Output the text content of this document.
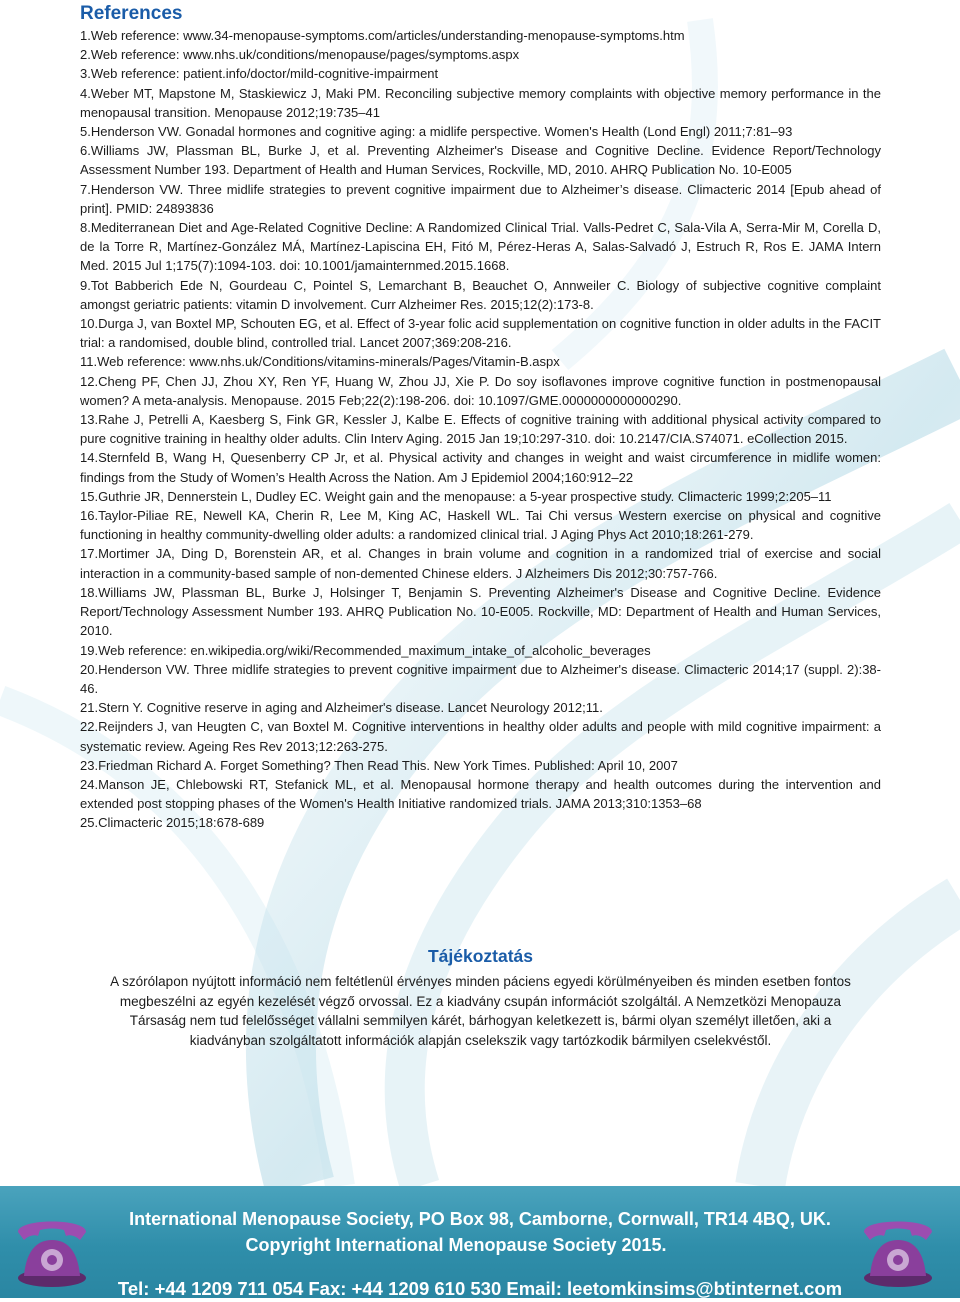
References
1.Web reference: www.34-menopause-symptoms.com/articles/understanding-menopause-symptoms.htm
2.Web reference: www.nhs.uk/conditions/menopause/pages/symptoms.aspx
3.Web reference: patient.info/doctor/mild-cognitive-impairment
4.Weber MT, Mapstone M, Staskiewicz J, Maki PM. Reconciling subjective memory complaints with objective memory performance in the menopausal transition. Menopause 2012;19:735–41
5.Henderson VW. Gonadal hormones and cognitive aging: a midlife perspective. Women's Health (Lond Engl) 2011;7:81–93
6.Williams JW, Plassman BL, Burke J, et al. Preventing Alzheimer's Disease and Cognitive Decline. Evidence Report/Technology Assessment Number 193. Department of Health and Human Services, Rockville, MD, 2010. AHRQ Publication No. 10-E005
7.Henderson VW. Three midlife strategies to prevent cognitive impairment due to Alzheimer’s disease. Climacteric 2014 [Epub ahead of print]. PMID: 24893836
8.Mediterranean Diet and Age-Related Cognitive Decline: A Randomized Clinical Trial. Valls-Pedret C, Sala-Vila A, Serra-Mir M, Corella D, de la Torre R, Martínez-González MÁ, Martínez-Lapiscina EH, Fitó M, Pérez-Heras A, Salas-Salvadó J, Estruch R, Ros E. JAMA Intern Med. 2015 Jul 1;175(7):1094-103. doi: 10.1001/jamainternmed.2015.1668.
9.Tot Babberich Ede N, Gourdeau C, Pointel S, Lemarchant B, Beauchet O, Annweiler C. Biology of subjective cognitive complaint amongst geriatric patients: vitamin D involvement. Curr Alzheimer Res. 2015;12(2):173-8.
10.Durga J, van Boxtel MP, Schouten EG, et al. Effect of 3-year folic acid supplementation on cognitive function in older adults in the FACIT trial: a randomised, double blind, controlled trial. Lancet 2007;369:208-216.
11.Web reference: www.nhs.uk/Conditions/vitamins-minerals/Pages/Vitamin-B.aspx
12.Cheng PF, Chen JJ, Zhou XY, Ren YF, Huang W, Zhou JJ, Xie P. Do soy isoflavones improve cognitive function in postmenopausal women? A meta-analysis. Menopause. 2015 Feb;22(2):198-206. doi: 10.1097/GME.0000000000000290.
13.Rahe J, Petrelli A, Kaesberg S, Fink GR, Kessler J, Kalbe E. Effects of cognitive training with additional physical activity compared to pure cognitive training in healthy older adults. Clin Interv Aging. 2015 Jan 19;10:297-310. doi: 10.2147/CIA.S74071. eCollection 2015.
14.Sternfeld B, Wang H, Quesenberry CP Jr, et al. Physical activity and changes in weight and waist circumference in midlife women: findings from the Study of Women’s Health Across the Nation. Am J Epidemiol 2004;160:912–22
15.Guthrie JR, Dennerstein L, Dudley EC. Weight gain and the menopause: a 5-year prospective study. Climacteric 1999;2:205–11
16.Taylor-Piliae RE, Newell KA, Cherin R, Lee M, King AC, Haskell WL. Tai Chi versus Western exercise on physical and cognitive functioning in healthy community-dwelling older adults: a randomized clinical trial. J Aging Phys Act 2010;18:261-279.
17.Mortimer JA, Ding D, Borenstein AR, et al. Changes in brain volume and cognition in a randomized trial of exercise and social interaction in a community-based sample of non-demented Chinese elders. J Alzheimers Dis 2012;30:757-766.
18.Williams JW, Plassman BL, Burke J, Holsinger T, Benjamin S. Preventing Alzheimer's Disease and Cognitive Decline. Evidence Report/Technology Assessment Number 193. AHRQ Publication No. 10-E005. Rockville, MD: Department of Health and Human Services, 2010.
19.Web reference: en.wikipedia.org/wiki/Recommended_maximum_intake_of_alcoholic_beverages
20.Henderson VW. Three midlife strategies to prevent cognitive impairment due to Alzheimer's disease. Climacteric 2014;17 (suppl. 2):38-46.
21.Stern Y. Cognitive reserve in aging and Alzheimer's disease. Lancet Neurology 2012;11.
22.Reijnders J, van Heugten C, van Boxtel M. Cognitive interventions in healthy older adults and people with mild cognitive impairment: a systematic review. Ageing Res Rev 2013;12:263-275.
23.Friedman Richard A. Forget Something? Then Read This. New York Times. Published: April 10, 2007
24.Manson JE, Chlebowski RT, Stefanick ML, et al. Menopausal hormone therapy and health outcomes during the intervention and extended post stopping phases of the Women's Health Initiative randomized trials. JAMA 2013;310:1353–68
25.Climacteric 2015;18:678-689
Tájékoztatás
A szórólapon nyújtott információ nem feltétlenül érvényes minden páciens egyedi körülményeiben és minden esetben fontos megbeszélni az egyén kezelését végző orvossal. Ez a kiadvány csupán információt szolgáltál. A Nemzetközi Menopauza Társaság nem tud felelősséget vállalni semmilyen kárét, bárhogyan keletkezett is, bármi olyan személyt illetően, aki a kiadványban szolgáltatott információk alapján cselekszik vagy tartózkodik bármilyen cselekvéstől.
International Menopause Society, PO Box 98, Camborne, Cornwall, TR14 4BQ, UK.
Copyright International Menopause Society 2015.
Tel: +44 1209 711 054 Fax: +44 1209 610 530 Email: leetomkinsims@btinternet.com
